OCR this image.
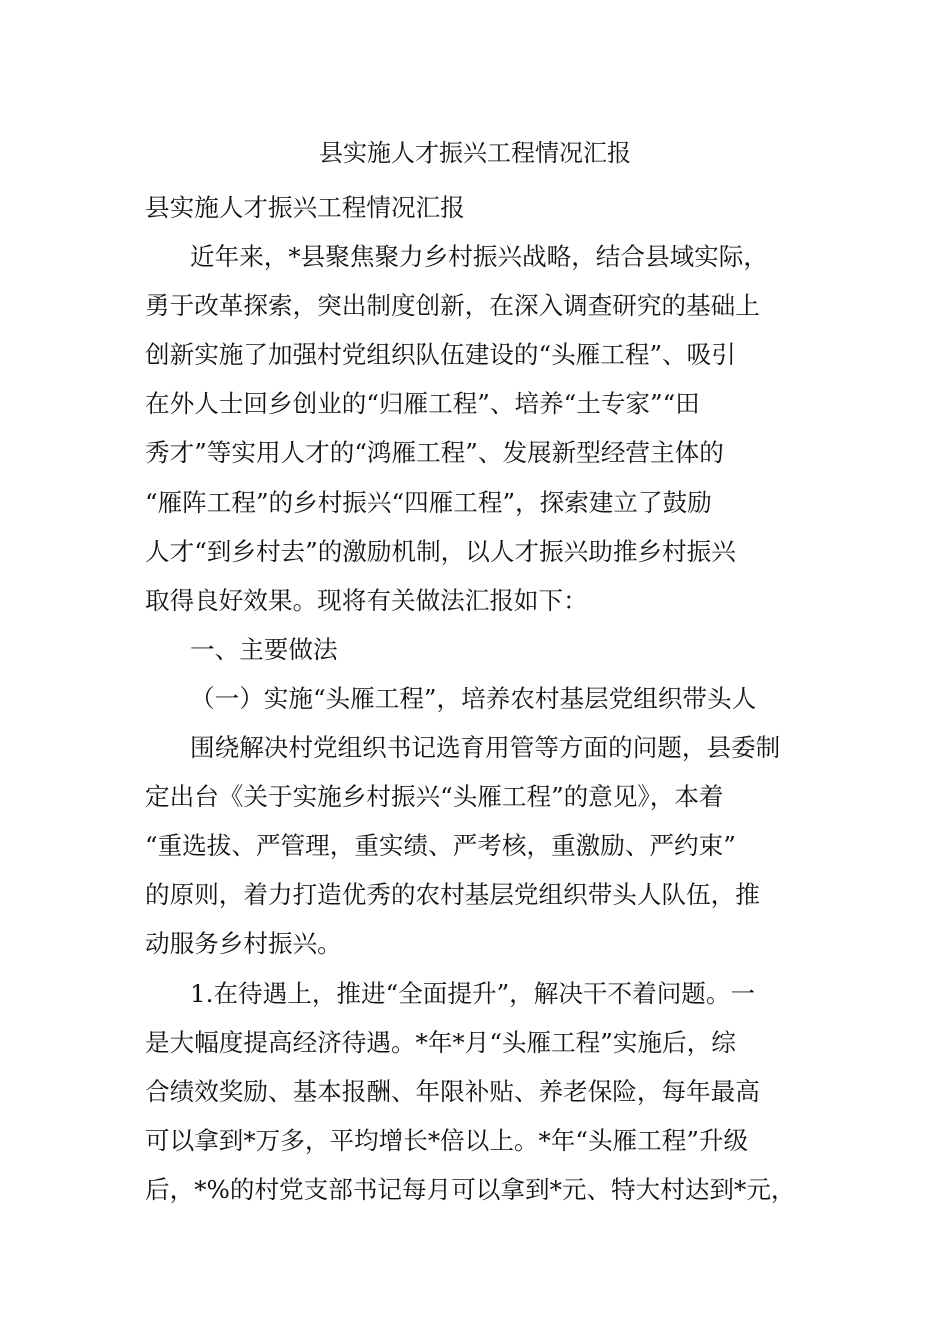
县实施人才振兴工程情况汇报
县实施人才振兴工程情况汇报
近年来，*县聚焦聚力乡村振兴战略，结合县域实际，
勇于改革探索，突出制度创新，在深入调查研究的基础上
创新实施了加强村党组织队伍建设的“头雁工程”、吸引
在外人士回乡创业的“归雁工程”、培养“土专家”“田
秀才”等实用人才的“鸿雁工程”、发展新型经营主体的
“雁阵工程”的乡村振兴“四雁工程”，探索建立了鼓励
人才“到乡村去”的激励机制，以人才振兴助推乡村振兴
取得良好效果。现将有关做法汇报如下：
一、主要做法
（一）实施“头雁工程”，培养农村基层党组织带头人
围绕解决村党组织书记选育用管等方面的问题，县委制
定出台《关于实施乡村振兴“头雁工程”的意见》，本着
“重选拔、严管理，重实绩、严考核，重激励、严约束”
的原则，着力打造优秀的农村基层党组织带头人队伍，推
动服务乡村振兴。
1.在待遇上，推进“全面提升”，解决干不着问题。一
是大幅度提高经济待遇。*年*月“头雁工程”实施后，综
合绩效奖励、基本报酬、年限补贴、养老保险，每年最高
可以拿到*万多，平均增长*倍以上。*年“头雁工程”升级
后，*%的村党支部书记每月可以拿到*元、特大村达到*元，
